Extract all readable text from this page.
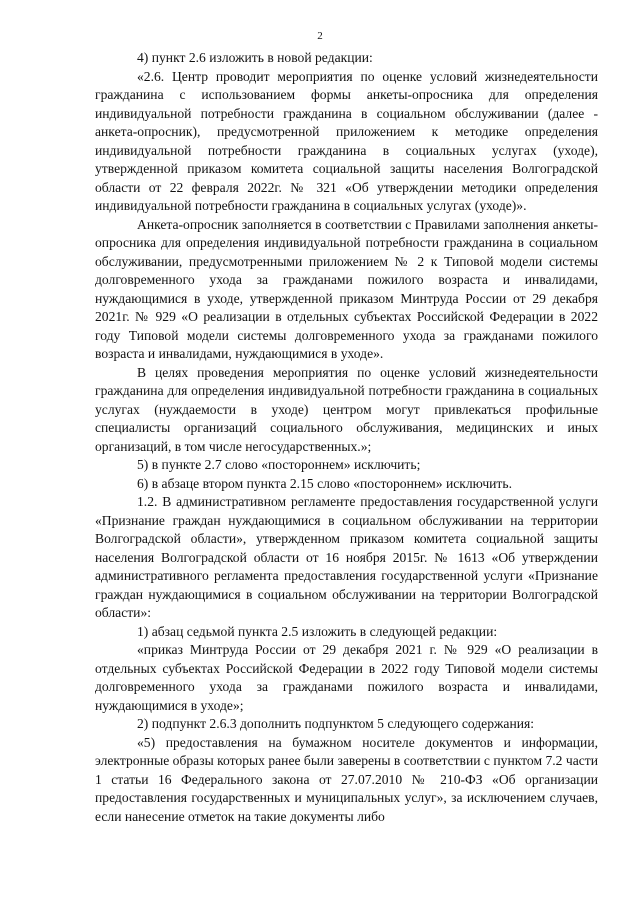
2

4) пункт 2.6 изложить в новой редакции:

«2.6. Центр проводит мероприятия по оценке условий жизнедеятельности гражданина с использованием формы анкеты-опросника для определения индивидуальной потребности гражданина в социальном обслуживании (далее - анкета-опросник), предусмотренной приложением к методике определения индивидуальной потребности гражданина в социальных услугах (уходе), утвержденной приказом комитета социальной защиты населения Волгоградской области от 22 февраля 2022г. № 321 «Об утверждении методики определения индивидуальной потребности гражданина в социальных услугах (уходе)».

Анкета-опросник заполняется в соответствии с Правилами заполнения анкеты-опросника для определения индивидуальной потребности гражданина в социальном обслуживании, предусмотренными приложением № 2 к Типовой модели системы долговременного ухода за гражданами пожилого возраста и инвалидами, нуждающимися в уходе, утвержденной приказом Минтруда России от 29 декабря 2021г. № 929 «О реализации в отдельных субъектах Российской Федерации в 2022 году Типовой модели системы долговременного ухода за гражданами пожилого возраста и инвалидами, нуждающимися в уходе».

В целях проведения мероприятия по оценке условий жизнедеятельности гражданина для определения индивидуальной потребности гражданина в социальных услугах (нуждаемости в уходе) центром могут привлекаться профильные специалисты организаций социального обслуживания, медицинских и иных организаций, в том числе негосударственных.»;

5) в пункте 2.7 слово «постороннем» исключить;

6) в абзаце втором пункта 2.15 слово «постороннем» исключить.

1.2. В административном регламенте предоставления государственной услуги «Признание граждан нуждающимися в социальном обслуживании на территории Волгоградской области», утвержденном приказом комитета социальной защиты населения Волгоградской области от 16 ноября 2015г. № 1613 «Об утверждении административного регламента предоставления государственной услуги «Признание граждан нуждающимися в социальном обслуживании на территории Волгоградской области»:

1) абзац седьмой пункта 2.5 изложить в следующей редакции:

«приказ Минтруда России от 29 декабря 2021 г. № 929 «О реализации в отдельных субъектах Российской Федерации в 2022 году Типовой модели системы долговременного ухода за гражданами пожилого возраста и инвалидами, нуждающимися в уходе»;

2) подпункт 2.6.3 дополнить подпунктом 5 следующего содержания:

«5) предоставления на бумажном носителе документов и информации, электронные образы которых ранее были заверены в соответствии с пунктом 7.2 части 1 статьи 16 Федерального закона от 27.07.2010 № 210-ФЗ «Об организации предоставления государственных и муниципальных услуг», за исключением случаев, если нанесение отметок на такие документы либо
